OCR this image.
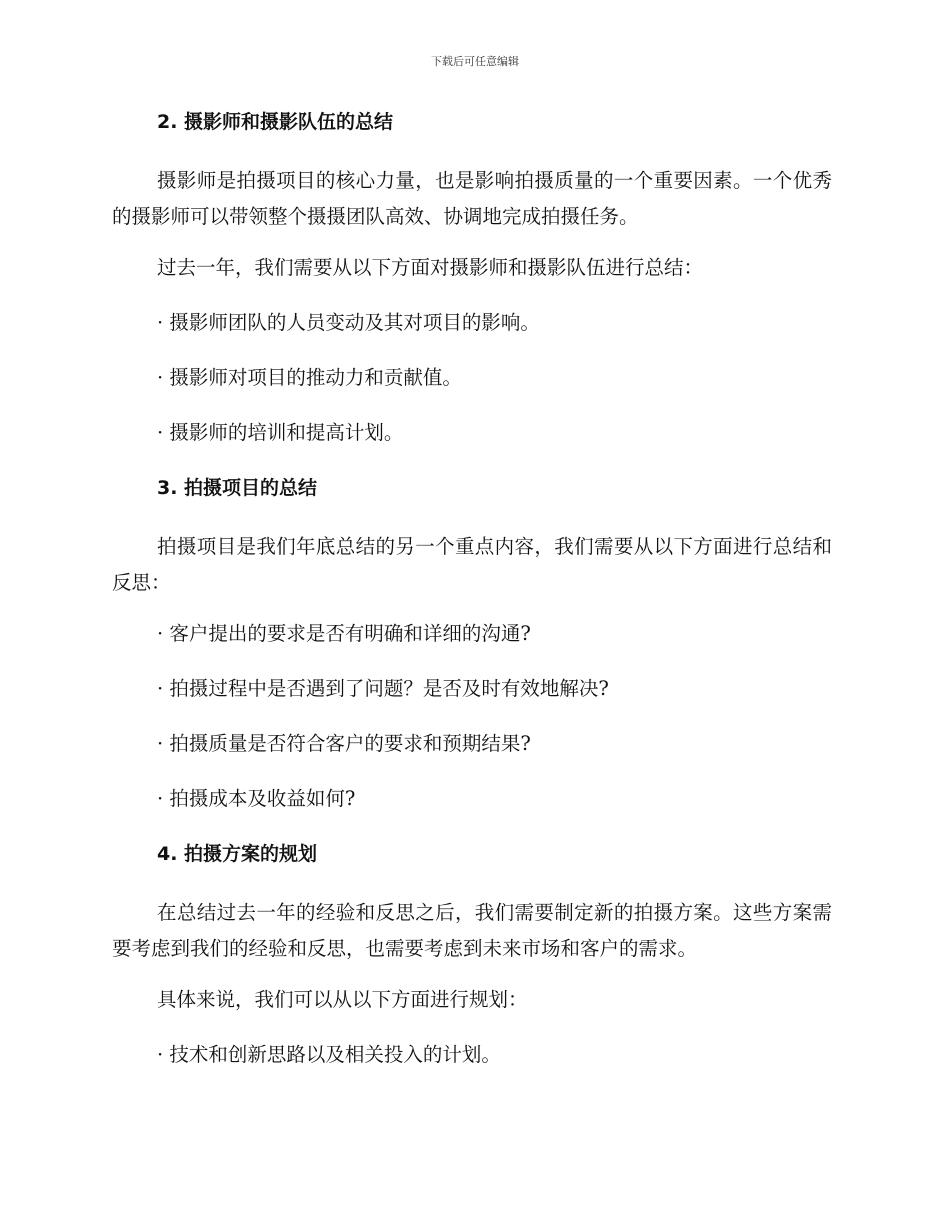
下载后可任意编辑
2. 摄影师和摄影队伍的总结
摄影师是拍摄项目的核心力量，也是影响拍摄质量的一个重要因素。一个优秀的摄影师可以带领整个摄摄团队高效、协调地完成拍摄任务。
过去一年，我们需要从以下方面对摄影师和摄影队伍进行总结：
· 摄影师团队的人员变动及其对项目的影响。
· 摄影师对项目的推动力和贡献值。
· 摄影师的培训和提高计划。
3. 拍摄项目的总结
拍摄项目是我们年底总结的另一个重点内容，我们需要从以下方面进行总结和反思：
· 客户提出的要求是否有明确和详细的沟通?
· 拍摄过程中是否遇到了问题？是否及时有效地解决?
· 拍摄质量是否符合客户的要求和预期结果?
· 拍摄成本及收益如何?
4. 拍摄方案的规划
在总结过去一年的经验和反思之后，我们需要制定新的拍摄方案。这些方案需要考虑到我们的经验和反思，也需要考虑到未来市场和客户的需求。
具体来说，我们可以从以下方面进行规划：
· 技术和创新思路以及相关投入的计划。
